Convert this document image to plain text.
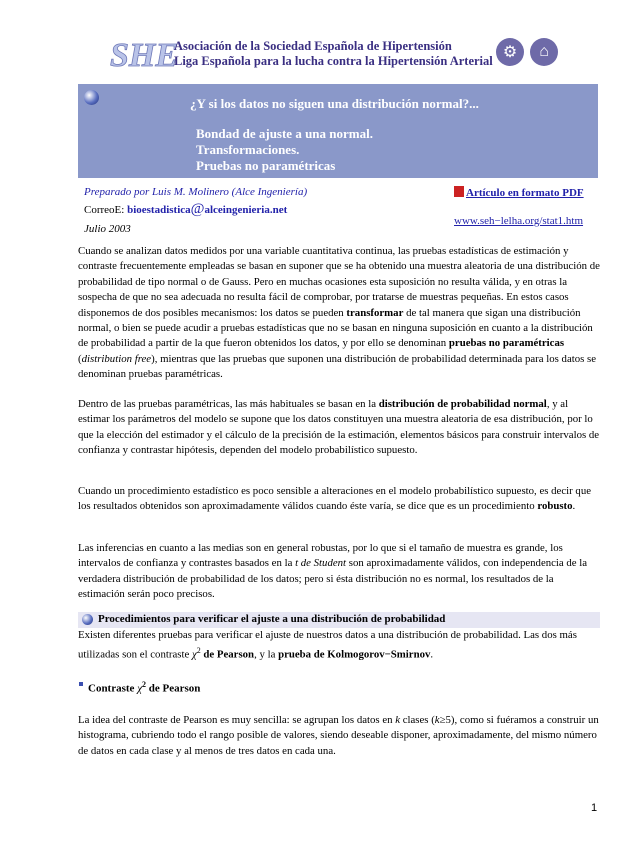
SHE
Asociación de la Sociedad Española de Hipertensión
Liga Española para la lucha contra la Hipertensión Arterial ⚙	⌂
¿Y si los datos no siguen una distribución normal?...
Bondad de ajuste a una normal.
Transformaciones.
Pruebas no paramétricas
Preparado por Luis M. Molinero (Alce Ingeniería)
CorreoE: bioestadistica@alceingenieria.net
Julio 2003
Artículo en formato PDF
www.seh−lelha.org/stat1.htm

Cuando se analizan datos medidos por una variable cuantitativa continua, las pruebas estadísticas de estimación y contraste frecuentemente empleadas se basan en suponer que se ha obtenido una muestra aleatoria de una distribución de probabilidad de tipo normal o de Gauss. Pero en muchas ocasiones esta suposición no resulta válida, y en otras la sospecha de que no sea adecuada no resulta fácil de comprobar, por tratarse de muestras pequeñas. En estos casos disponemos de dos posibles mecanismos: los datos se pueden transformar de tal manera que sigan una distribución normal, o bien se puede acudir a pruebas estadísticas que no se basan en ninguna suposición en cuanto a la distribución de probabilidad a partir de la que fueron obtenidos los datos, y por ello se denominan pruebas no paramétricas (distribution free), mientras que las pruebas que suponen una distribución de probabilidad determinada para los datos se denominan pruebas paramétricas.

Dentro de las pruebas paramétricas, las más habituales se basan en la distribución de probabilidad normal, y al estimar los parámetros del modelo se supone que los datos constituyen una muestra aleatoria de esa distribución, por lo que la elección del estimador y el cálculo de la precisión de la estimación, elementos básicos para construir intervalos de confianza y contrastar hipótesis, dependen del modelo probabilístico supuesto.

Cuando un procedimiento estadístico es poco sensible a alteraciones en el modelo probabilístico supuesto, es decir que los resultados obtenidos son aproximadamente válidos cuando éste varía, se dice que es un procedimiento robusto.

Las inferencias en cuanto a las medias son en general robustas, por lo que si el tamaño de muestra es grande, los intervalos de confianza y contrastes basados en la t de Student son aproximadamente válidos, con independencia de la verdadera distribución de probabilidad de los datos; pero si ésta distribución no es normal, los resultados de la estimación serán poco precisos.

Procedimientos para verificar el ajuste a una distribución de probabilidad

Existen diferentes pruebas para verificar el ajuste de nuestros datos a una distribución de probabilidad. Las dos más utilizadas son el contraste $\chi^2$ de Pearson, y la prueba de Kolmogorov−Smirnov.

Contraste $\chi^2$ de Pearson

La idea del contraste de Pearson es muy sencilla: se agrupan los datos en k clases (k≥5), como si fuéramos a construir un histograma, cubriendo todo el rango posible de valores, siendo deseable disponer, aproximadamente, del mismo número de datos en cada clase y al menos de tres datos en cada una.

1
